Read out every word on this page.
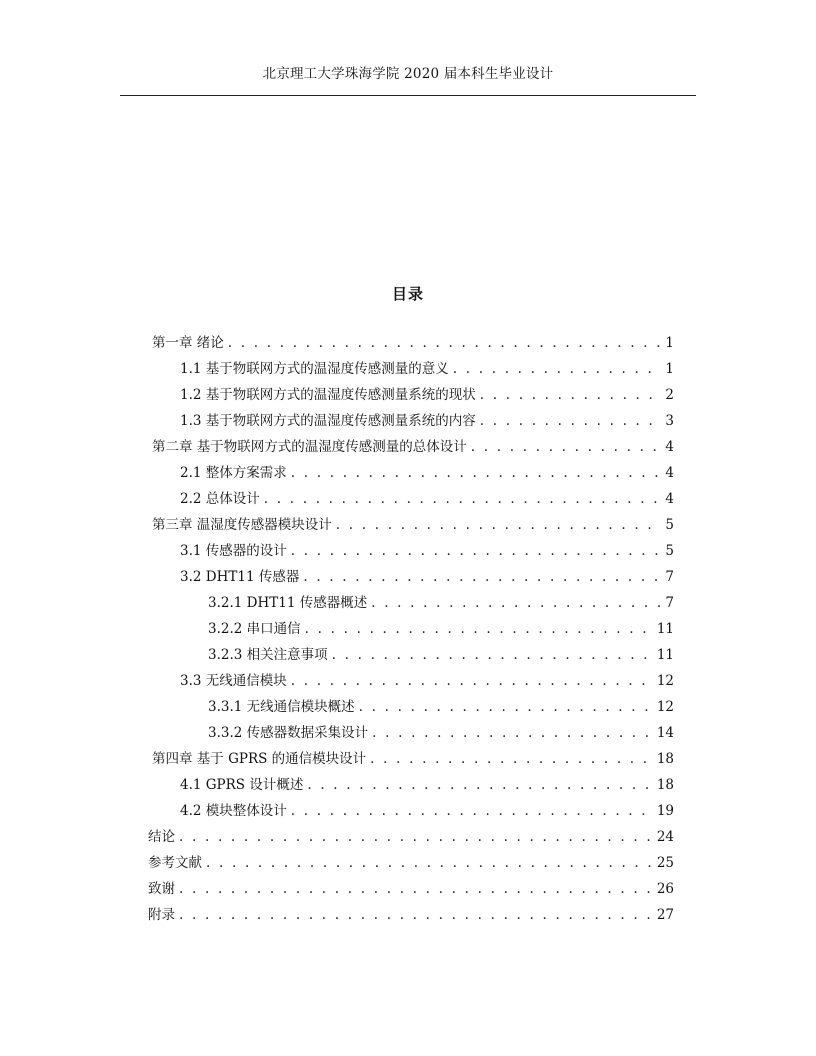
北京理工大学珠海学院 2020 届本科生毕业设计
目录
第一章 绪论 . . .	1
1.1 基于物联网方式的温湿度传感测量的意义 . . .	1
1.2 基于物联网方式的温湿度传感测量系统的现状 . . .	2
1.3 基于物联网方式的温湿度传感测量系统的内容 . . .	3
第二章 基于物联网方式的温湿度传感测量的总体设计 . . .	4
2.1 整体方案需求 . . .	4
2.2 总体设计 . . .	4
第三章 温湿度传感器模块设计 . . .	5
3.1 传感器的设计 . . .	5
3.2 DHT11 传感器 . . .	7
3.2.1 DHT11 传感器概述 . . .	7
3.2.2 串口通信 . . .	11
3.2.3 相关注意事项 . . .	11
3.3 无线通信模块 . . .	12
3.3.1 无线通信模块概述 . . .	12
3.3.2 传感器数据采集设计 . . .	14
第四章 基于 GPRS 的通信模块设计 . . .	18
4.1 GPRS 设计概述 . . .	18
4.2 模块整体设计 . . .	19
结论 . . .	24
参考文献 . . .	25
致谢 . . .	26
附录 . . .	27
